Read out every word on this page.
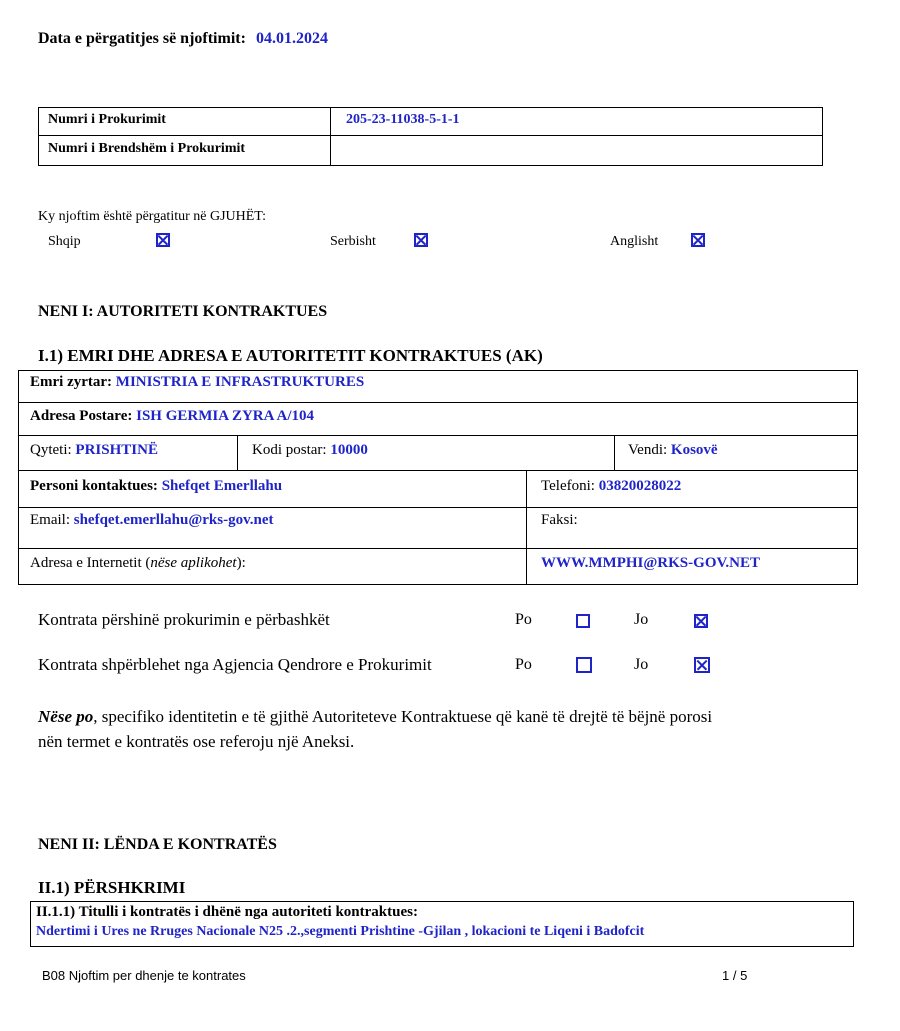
Data e përgatitjes së njoftimit: 04.01.2024
Numri i Prokurimit	205-23-11038-5-1-1
Numri i Brendshëm i Prokurimit
Ky njoftim është përgatitur në GJUHËT:
Shqip	Serbisht	Anglisht
NENI I: AUTORITETI KONTRAKTUES
I.1) EMRI DHE ADRESA E AUTORITETIT KONTRAKTUES (AK)
Emri zyrtar: MINISTRIA E INFRASTRUKTURES
Adresa Postare: ISH GERMIA ZYRA A/104
Qyteti: PRISHTINË	Kodi postar: 10000	Vendi: Kosovë
Personi kontaktues: Shefqet Emerllahu	Telefoni: 03820028022
Email: shefqet.emerllahu@rks-gov.net	Faksi:
Adresa e Internetit (nëse aplikohet):	WWW.MMPHI@RKS-GOV.NET
Kontrata përshinë prokurimin e përbashkët	Po	Jo
Kontrata shpërblehet nga Agjencia Qendrore e Prokurimit	Po	Jo
Nëse po, specifiko identitetin e të gjithë Autoriteteve Kontraktuese që kanë të drejtë të bëjnë porosi
nën termet e kontratës ose referoju një Aneksi.
NENI II: LËNDA E KONTRATËS
II.1) PËRSHKRIMI
II.1.1) Titulli i kontratës i dhënë nga autoriteti kontraktues:
Ndertimi i Ures ne Rruges Nacionale N25 .2.,segmenti Prishtine -Gjilan , lokacioni te Liqeni i Badofcit
B08 Njoftim per dhenje te kontrates	1 / 5
